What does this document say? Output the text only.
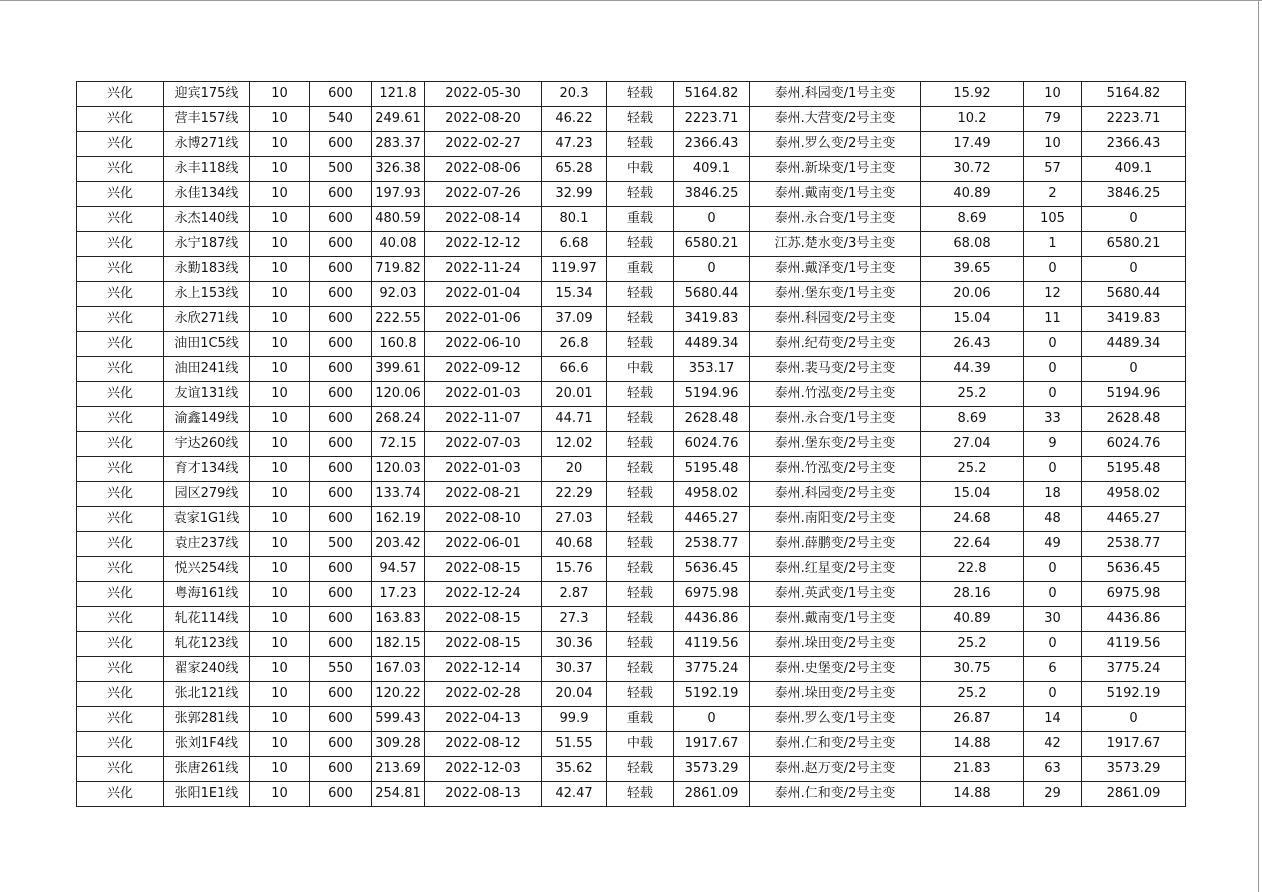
兴化	迎宾175线	10	600	121.8	2022-05-30	20.3	轻载	5164.82	泰州.科园变/1号主变	15.92	10	5164.82
兴化	营丰157线	10	540	249.61	2022-08-20	46.22	轻载	2223.71	泰州.大营变/2号主变	10.2	79	2223.71
兴化	永博271线	10	600	283.37	2022-02-27	47.23	轻载	2366.43	泰州.罗么变/2号主变	17.49	10	2366.43
兴化	永丰118线	10	500	326.38	2022-08-06	65.28	中载	409.1	泰州.新垛变/1号主变	30.72	57	409.1
兴化	永佳134线	10	600	197.93	2022-07-26	32.99	轻载	3846.25	泰州.戴南变/1号主变	40.89	2	3846.25
兴化	永杰140线	10	600	480.59	2022-08-14	80.1	重载	0	泰州.永合变/1号主变	8.69	105	0
兴化	永宁187线	10	600	40.08	2022-12-12	6.68	轻载	6580.21	江苏.楚水变/3号主变	68.08	1	6580.21
兴化	永勤183线	10	600	719.82	2022-11-24	119.97	重载	0	泰州.戴泽变/1号主变	39.65	0	0
兴化	永上153线	10	600	92.03	2022-01-04	15.34	轻载	5680.44	泰州.堡东变/1号主变	20.06	12	5680.44
兴化	永欣271线	10	600	222.55	2022-01-06	37.09	轻载	3419.83	泰州.科园变/2号主变	15.04	11	3419.83
兴化	油田1C5线	10	600	160.8	2022-06-10	26.8	轻载	4489.34	泰州.纪苟变/2号主变	26.43	0	4489.34
兴化	油田241线	10	600	399.61	2022-09-12	66.6	中载	353.17	泰州.裴马变/2号主变	44.39	0	0
兴化	友谊131线	10	600	120.06	2022-01-03	20.01	轻载	5194.96	泰州.竹泓变/2号主变	25.2	0	5194.96
兴化	渝鑫149线	10	600	268.24	2022-11-07	44.71	轻载	2628.48	泰州.永合变/1号主变	8.69	33	2628.48
兴化	宇达260线	10	600	72.15	2022-07-03	12.02	轻载	6024.76	泰州.堡东变/2号主变	27.04	9	6024.76
兴化	育才134线	10	600	120.03	2022-01-03	20	轻载	5195.48	泰州.竹泓变/2号主变	25.2	0	5195.48
兴化	园区279线	10	600	133.74	2022-08-21	22.29	轻载	4958.02	泰州.科园变/2号主变	15.04	18	4958.02
兴化	袁家1G1线	10	600	162.19	2022-08-10	27.03	轻载	4465.27	泰州.南阳变/2号主变	24.68	48	4465.27
兴化	袁庄237线	10	500	203.42	2022-06-01	40.68	轻载	2538.77	泰州.薛鹏变/2号主变	22.64	49	2538.77
兴化	悦兴254线	10	600	94.57	2022-08-15	15.76	轻载	5636.45	泰州.红星变/2号主变	22.8	0	5636.45
兴化	粤海161线	10	600	17.23	2022-12-24	2.87	轻载	6975.98	泰州.英武变/1号主变	28.16	0	6975.98
兴化	轧花114线	10	600	163.83	2022-08-15	27.3	轻载	4436.86	泰州.戴南变/1号主变	40.89	30	4436.86
兴化	轧花123线	10	600	182.15	2022-08-15	30.36	轻载	4119.56	泰州.垛田变/2号主变	25.2	0	4119.56
兴化	翟家240线	10	550	167.03	2022-12-14	30.37	轻载	3775.24	泰州.史堡变/2号主变	30.75	6	3775.24
兴化	张北121线	10	600	120.22	2022-02-28	20.04	轻载	5192.19	泰州.垛田变/2号主变	25.2	0	5192.19
兴化	张郭281线	10	600	599.43	2022-04-13	99.9	重载	0	泰州.罗么变/1号主变	26.87	14	0
兴化	张刘1F4线	10	600	309.28	2022-08-12	51.55	中载	1917.67	泰州.仁和变/2号主变	14.88	42	1917.67
兴化	张唐261线	10	600	213.69	2022-12-03	35.62	轻载	3573.29	泰州.赵万变/2号主变	21.83	63	3573.29
兴化	张阳1E1线	10	600	254.81	2022-08-13	42.47	轻载	2861.09	泰州.仁和变/2号主变	14.88	29	2861.09
